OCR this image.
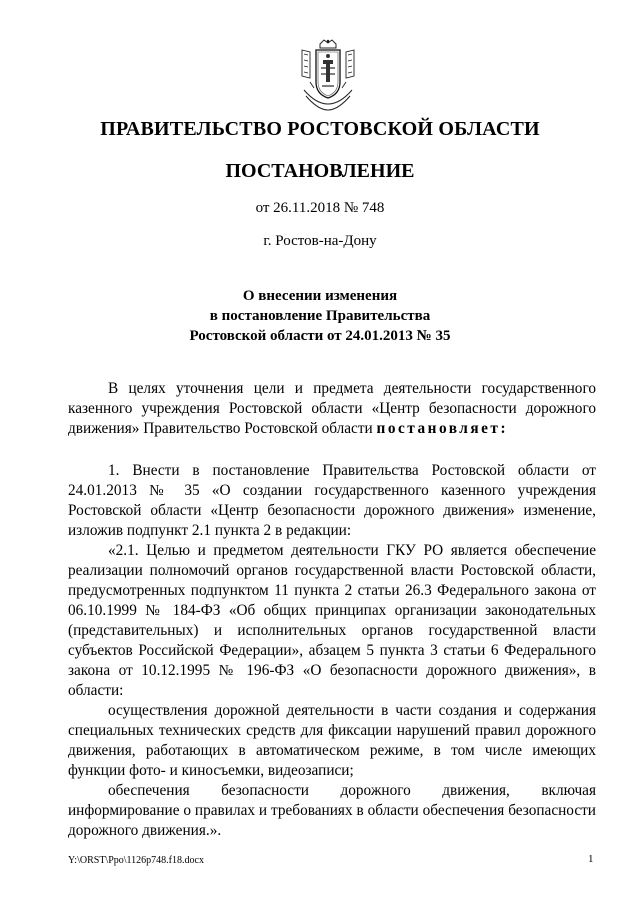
ПРАВИТЕЛЬСТВО РОСТОВСКОЙ ОБЛАСТИ
ПОСТАНОВЛЕНИЕ
от 26.11.2018 № 748
г. Ростов-на-Дону
О внесении изменения
в постановление Правительства
Ростовской области от 24.01.2013 № 35

В целях уточнения цели и предмета деятельности государственного казенного учреждения Ростовской области «Центр безопасности дорожного движения» Правительство Ростовской области постановляет:

1. Внести в постановление Правительства Ростовской области от 24.01.2013 № 35 «О создании государственного казенного учреждения Ростовской области «Центр безопасности дорожного движения» изменение, изложив подпункт 2.1 пункта 2 в редакции:

«2.1. Целью и предметом деятельности ГКУ РО является обеспечение реализации полномочий органов государственной власти Ростовской области, предусмотренных подпунктом 11 пункта 2 статьи 26.3 Федерального закона от 06.10.1999 № 184-ФЗ «Об общих принципах организации законодательных (представительных) и исполнительных органов государственной власти субъектов Российской Федерации», абзацем 5 пункта 3 статьи 6 Федерального закона от 10.12.1995 № 196-ФЗ «О безопасности дорожного движения», в области:

осуществления дорожной деятельности в части создания и содержания специальных технических средств для фиксации нарушений правил дорожного движения, работающих в автоматическом режиме, в том числе имеющих функции фото- и киносъемки, видеозаписи;

обеспечения безопасности дорожного движения, включая информирование о правилах и требованиях в области обеспечения безопасности дорожного движения.».

Y:\ORST\Ppo\1126p748.f18.docx	1
